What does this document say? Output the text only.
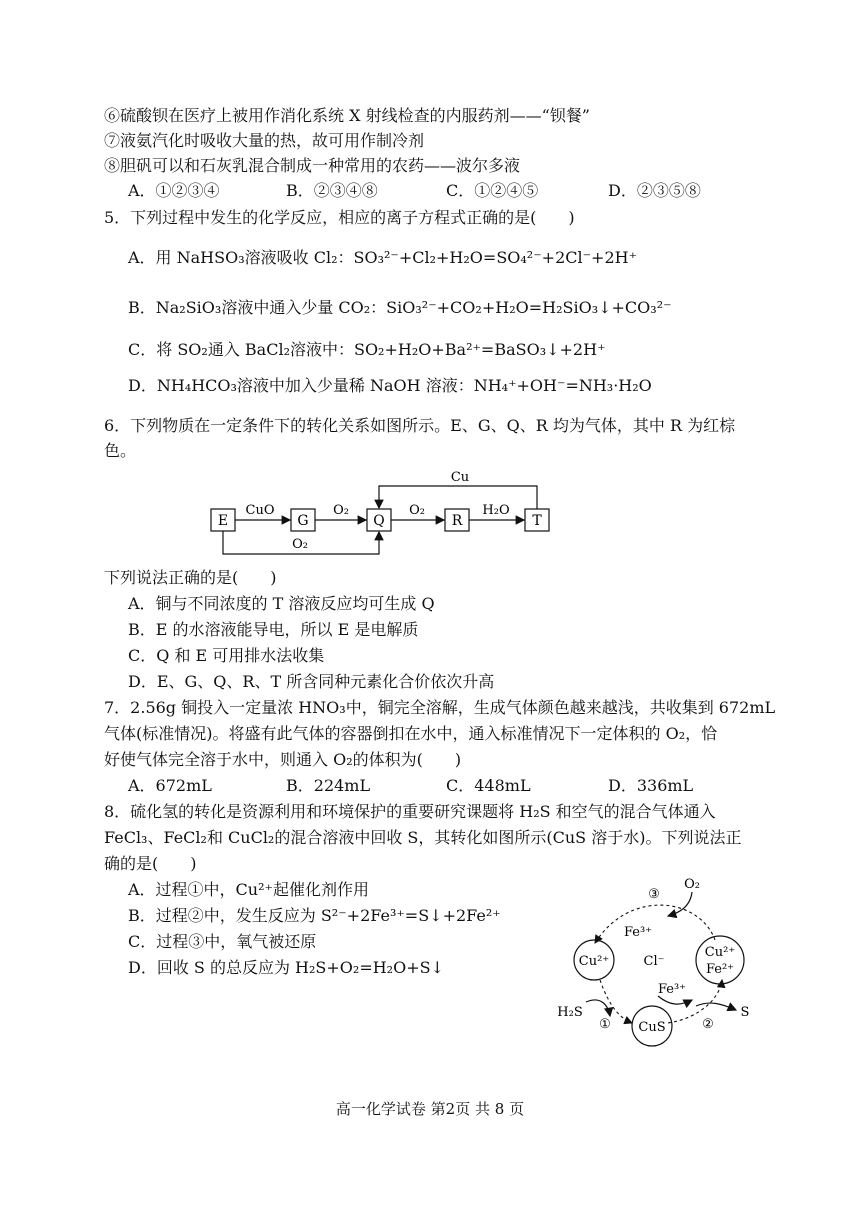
⑥硫酸钡在医疗上被用作消化系统 X 射线检查的内服药剂——“钡餐”
⑦液氨汽化时吸收大量的热，故可用作制冷剂
⑧胆矾可以和石灰乳混合制成一种常用的农药——波尔多液
A．①②③④	B．②③④⑧	C．①②④⑤	D．②③⑤⑧
5．下列过程中发生的化学反应，相应的离子方程式正确的是(　　)
A．用 NaHSO₃溶液吸收 Cl₂：SO₃²⁻+Cl₂+H₂O=SO₄²⁻+2Cl⁻+2H⁺
B．Na₂SiO₃溶液中通入少量 CO₂：SiO₃²⁻+CO₂+H₂O=H₂SiO₃↓+CO₃²⁻
C．将 SO₂通入 BaCl₂溶液中：SO₂+H₂O+Ba²⁺=BaSO₃↓+2H⁺
D．NH₄HCO₃溶液中加入少量稀 NaOH 溶液：NH₄⁺+OH⁻=NH₃·H₂O
6．下列物质在一定条件下的转化关系如图所示。E、G、Q、R 均为气体，其中 R 为红棕
色。
E	G	Q	R	T
CuO	O₂	O₂	H₂O
Cu
O₂
下列说法正确的是(　　)
A．铜与不同浓度的 T 溶液反应均可生成 Q
B．E 的水溶液能导电，所以 E 是电解质
C．Q 和 E 可用排水法收集
D．E、G、Q、R、T 所含同种元素化合价依次升高
7．2.56g 铜投入一定量浓 HNO₃中，铜完全溶解，生成气体颜色越来越浅，共收集到 672mL
气体(标准情况)。将盛有此气体的容器倒扣在水中，通入标准情况下一定体积的 O₂，恰
好使气体完全溶于水中，则通入 O₂的体积为(　　)
A．672mL	B．224mL	C．448mL	D．336mL
8．硫化氢的转化是资源利用和环境保护的重要研究课题将 H₂S 和空气的混合气体通入
FeCl₃、FeCl₂和 CuCl₂的混合溶液中回收 S，其转化如图所示(CuS 溶于水)。下列说法正
确的是(　　)
A．过程①中，Cu²⁺起催化剂作用
B．过程②中，发生反应为 S²⁻+2Fe³⁺=S↓+2Fe²⁺
C．过程③中，氧气被还原
D．回收 S 的总反应为 H₂S+O₂=H₂O+S↓	Cu²⁺
Cu²⁺
Fe²⁺
CuS
Cl⁻
Fe³⁺
Fe³⁺
O₂
H₂S	S
①	②
③
高一化学试卷 第2页 共 8 页
